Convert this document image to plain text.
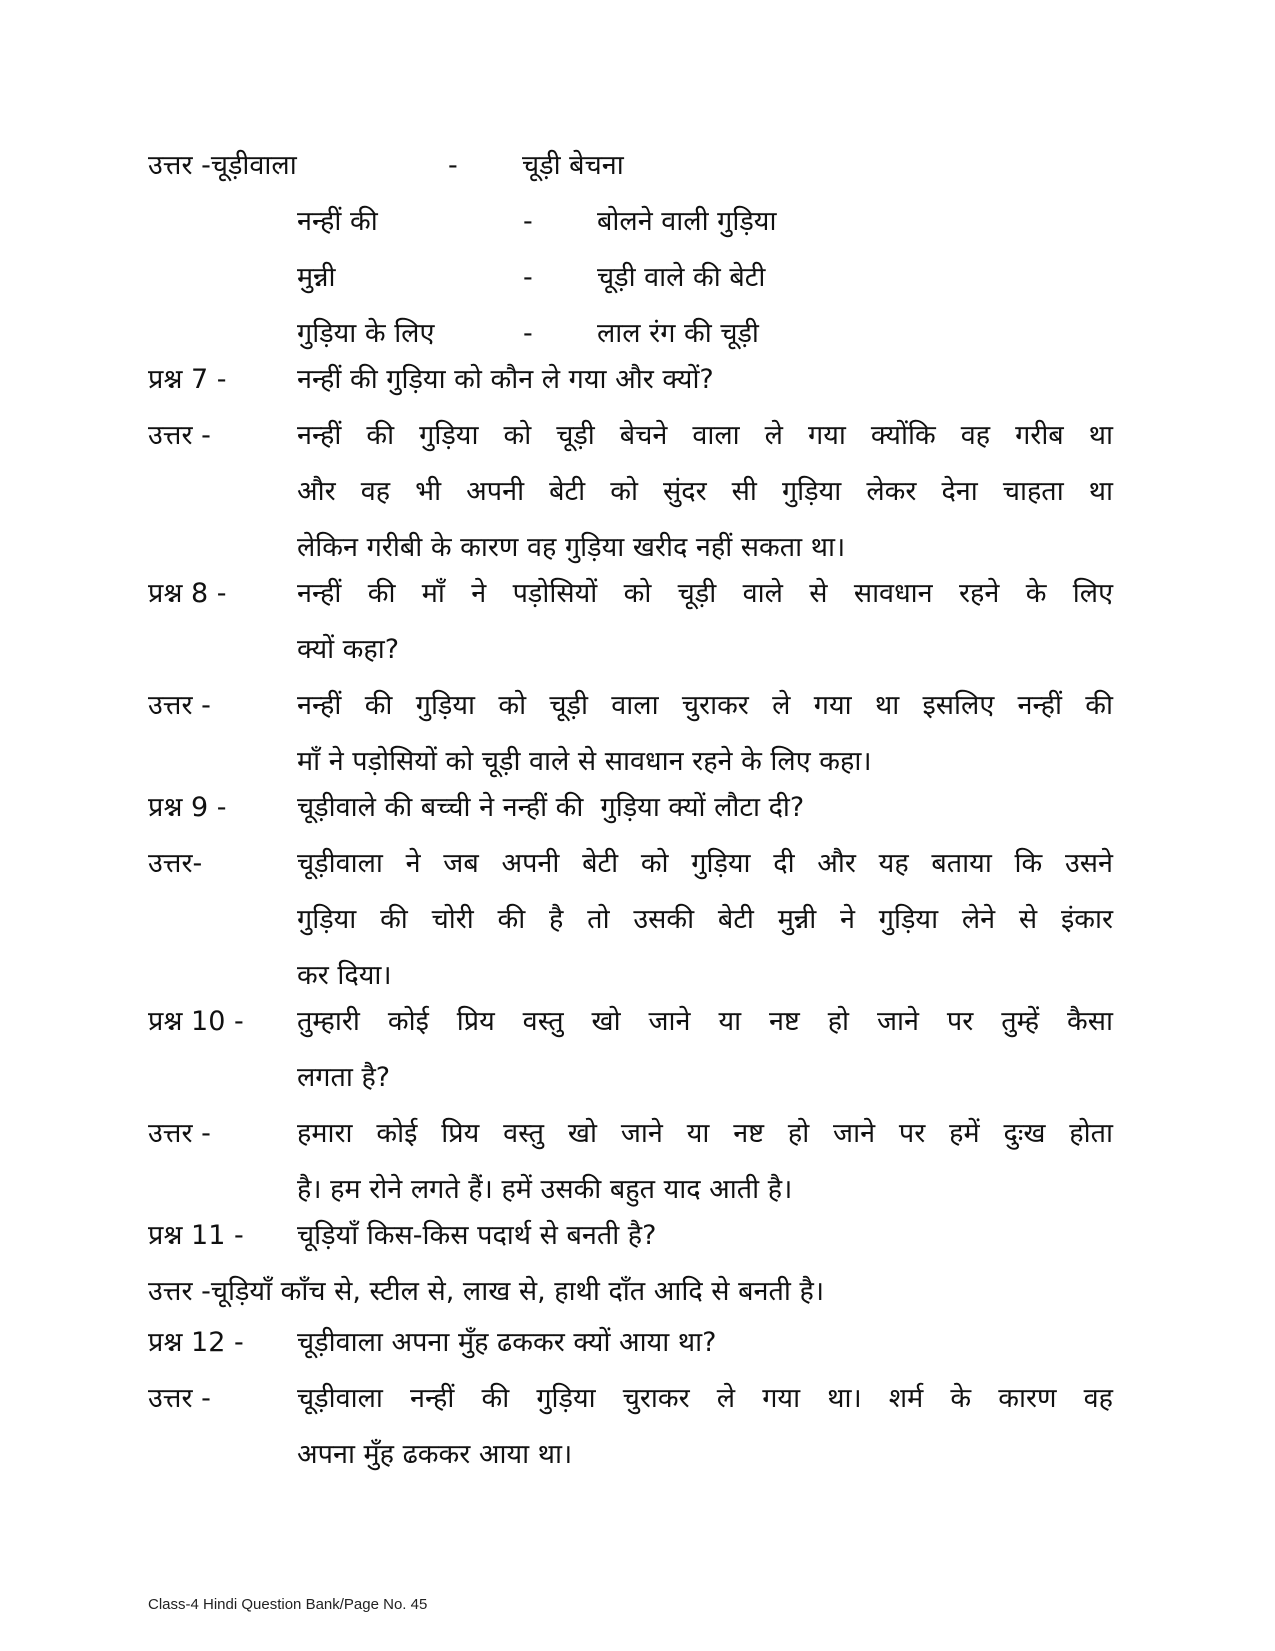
उत्तर -चूड़ीवाला	- चूड़ी बेचना
नन्हीं की	- बोलने वाली गुड़िया
मुन्नी	- चूड़ी वाले की बेटी
गुड़िया के लिए	- लाल रंग की चूड़ी
प्रश्न 7 -	नन्हीं की गुड़िया को कौन ले गया और क्यों?
उत्तर -	नन्हीं की गुड़िया को चूड़ी बेचने वाला ले गया क्योंकि वह गरीब था
और वह भी अपनी बेटी को सुंदर सी गुड़िया लेकर देना चाहता था
लेकिन गरीबी के कारण वह गुड़िया खरीद नहीं सकता था।
प्रश्न 8 -	नन्हीं की माँ ने पड़ोसियों को चूड़ी वाले से सावधान रहने के लिए
क्यों कहा?
उत्तर -	नन्हीं की गुड़िया को चूड़ी वाला चुराकर ले गया था इसलिए नन्हीं की
माँ ने पड़ोसियों को चूड़ी वाले से सावधान रहने के लिए कहा।
प्रश्न 9 -	चूड़ीवाले की बच्ची ने नन्हीं की  गुड़िया क्यों लौटा दी?
उत्तर-	चूड़ीवाला ने जब अपनी बेटी को गुड़िया दी और यह बताया कि उसने
गुड़िया की चोरी की है तो उसकी बेटी मुन्नी ने गुड़िया लेने से इंकार
कर दिया।
प्रश्न 10 - तुम्हारी कोई प्रिय वस्तु खो जाने या नष्ट हो जाने पर तुम्हें कैसा
लगता है?
उत्तर -	हमारा कोई प्रिय वस्तु खो जाने या नष्ट हो जाने पर हमें दुःख होता
है। हम रोने लगते हैं। हमें उसकी बहुत याद आती है।
प्रश्न 11 - चूड़ियाँ किस-किस पदार्थ से बनती है?
उत्तर -चूड़ियाँ काँच से, स्टील से, लाख से, हाथी दाँत आदि से बनती है।
प्रश्न 12 - चूड़ीवाला अपना मुँह ढककर क्यों आया था?
उत्तर -	चूड़ीवाला नन्हीं की गुड़िया चुराकर ले गया था। शर्म के कारण वह
अपना मुँह ढककर आया था।
Class-4 Hindi Question Bank/Page No. 45
